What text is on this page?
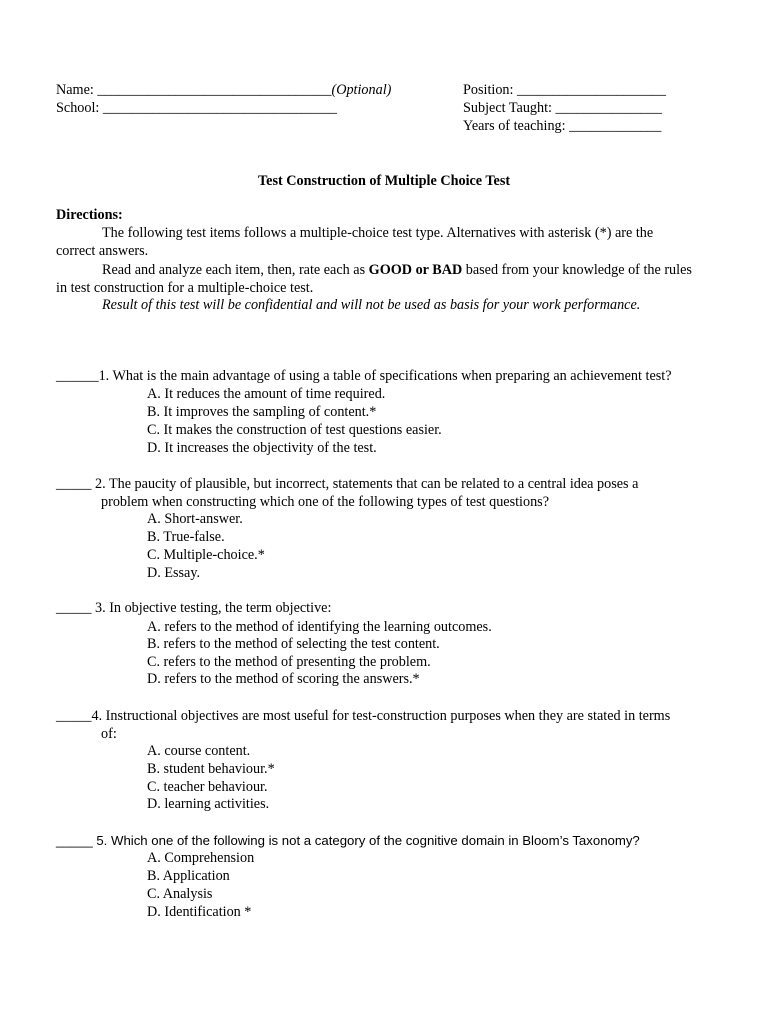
Name: _________________________________(Optional)
School: _________________________________
Position: _____________________
Subject Taught: _______________
Years of teaching: _____________
Test Construction of Multiple Choice Test
Directions:
The following test items follows a multiple-choice test type. Alternatives with asterisk (*) are the
correct answers.
Read and analyze each item, then, rate each as GOOD or BAD based from your knowledge of the rules
in test construction for a multiple-choice test.
Result of this test will be confidential and will not be used as basis for your work performance.
______1. What is the main advantage of using a table of specifications when preparing an achievement test?
A. It reduces the amount of time required.
B. It improves the sampling of content.*
C. It makes the construction of test questions easier.
D. It increases the objectivity of the test.
_____ 2. The paucity of plausible, but incorrect, statements that can be related to a central idea poses a
problem when constructing which one of the following types of test questions?
A. Short-answer.
B. True-false.
C. Multiple-choice.*
D. Essay.
_____ 3. In objective testing, the term objective:
A. refers to the method of identifying the learning outcomes.
B. refers to the method of selecting the test content.
C. refers to the method of presenting the problem.
D. refers to the method of scoring the answers.*
_____4. Instructional objectives are most useful for test-construction purposes when they are stated in terms
of:
A. course content.
B. student behaviour.*
C. teacher behaviour.
D. learning activities.
_____ 5. Which one of the following is not a category of the cognitive domain in Bloom’s Taxonomy?
A. Comprehension
B. Application
C. Analysis
D. Identification *
